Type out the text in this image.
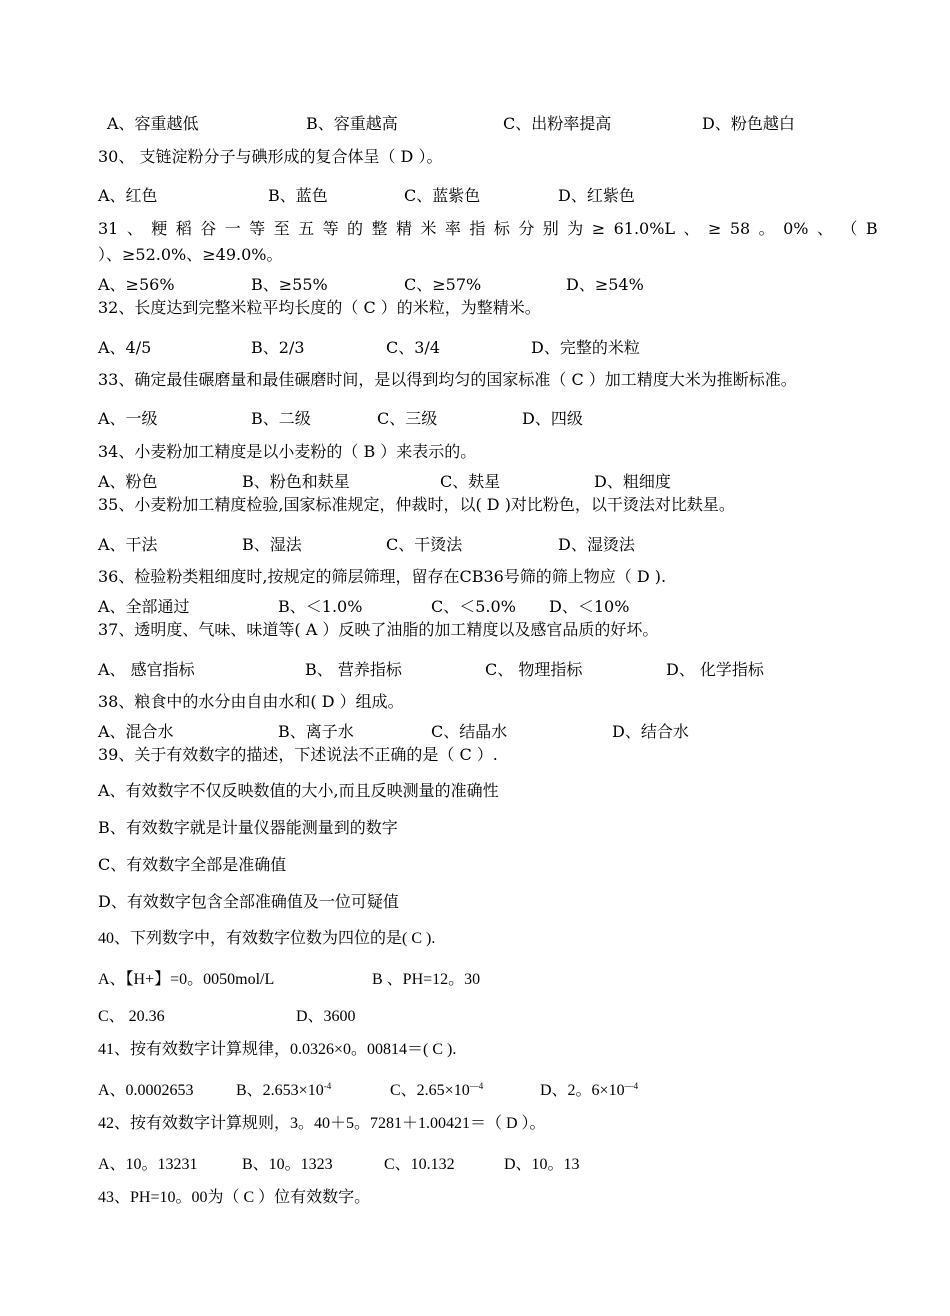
A、容重越低	B、容重越高	C、出粉率提高	D、粉色越白
30、 支链淀粉分子与碘形成的复合体呈（ D ）。
A、红色	B、蓝色	C、蓝紫色	D、红紫色
31 、 粳 稻 谷 一 等 至 五 等 的 整 精 米 率 指 标 分 别 为 ≥ 61.0%L 、 ≥ 58 。 0% 、 （ B
）、≥52.0%、≥49.0%。
A、≥56%	B、≥55%	C、≥57%	D、≥54%
32、长度达到完整米粒平均长度的（ C ）的米粒，为整精米。
A、4/5	B、2/3	C、3/4	D、完整的米粒
33、确定最佳碾磨量和最佳碾磨时间，是以得到均匀的国家标准（ C ）加工精度大米为推断标准。
A、一级	B、二级	C、三级	D、四级
34、小麦粉加工精度是以小麦粉的（ B ）来表示的。
A、粉色	B、粉色和麸星	C、麸星	D、粗细度
35、小麦粉加工精度检验,国家标准规定，仲裁时，以( D )对比粉色，以干烫法对比麸星。
A、干法	B、湿法	C、干烫法	D、湿烫法
36、检验粉类粗细度时,按规定的筛层筛理，留存在CB36号筛的筛上物应（ D ).
A、全部通过	B、＜1.0%	C、＜5.0% D、＜10%
37、透明度、气味、味道等( A ）反映了油脂的加工精度以及感官品质的好坏。
A、 感官指标	B、 营养指标	C、 物理指标	D、 化学指标
38、粮食中的水分由自由水和( D ）组成。
A、混合水	B、离子水	C、结晶水	D、结合水
39、关于有效数字的描述，下述说法不正确的是（ C ）.
A、有效数字不仅反映数值的大小,而且反映测量的准确性
B、有效数字就是计量仪器能测量到的数字
C、有效数字全部是准确值
D、有效数字包含全部准确值及一位可疑值
40、下列数字中，有效数字位数为四位的是( C ).
A、【H+】=0。0050mol/L	B 、PH=12。30
C、 20.36	D、3600
41、按有效数字计算规律，0.0326×0。00814＝( C ).
A、0.0002653	B、$2.653\times 10^{-4}$	C、$2.65\times 10^{—4}$	D、2。$6\times 10^{—4}$
42、按有效数字计算规则，3。40＋5。7281＋1.00421＝（ D ）。
A、10。13231	B、10。1323	C、10.132	D、10。13
43、PH=10。00为（ C ）位有效数字。
